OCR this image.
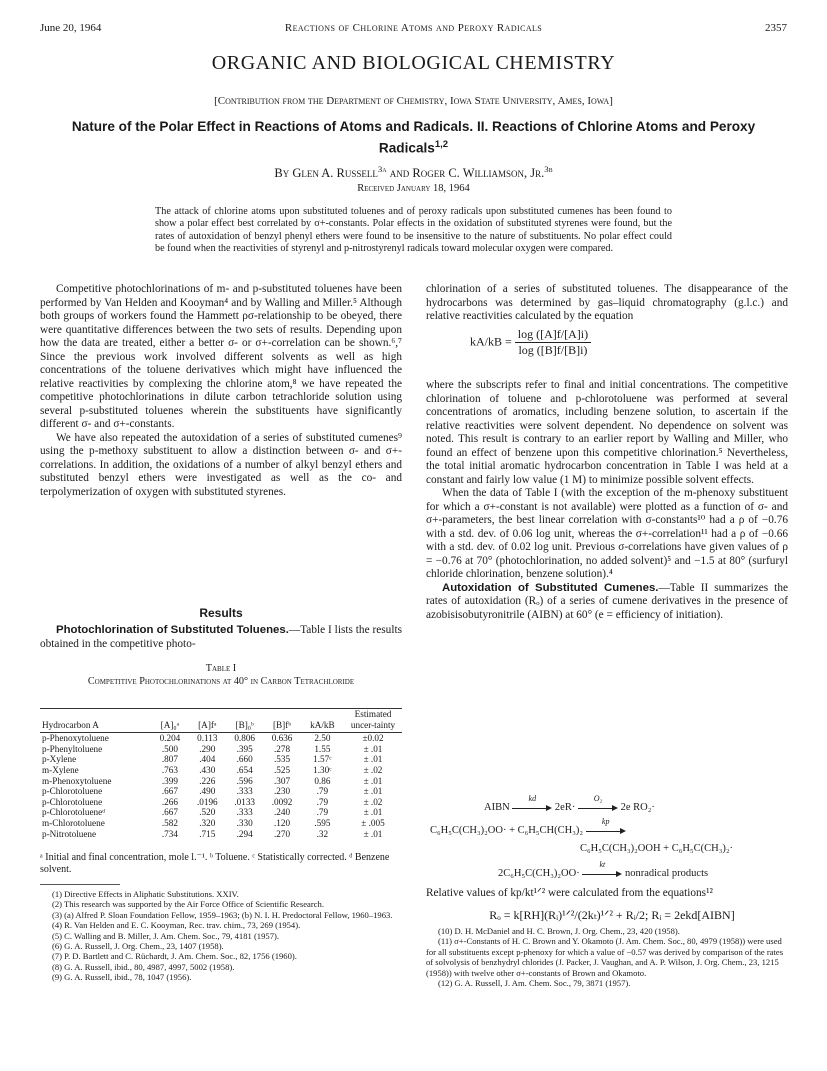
June 20, 1964	Reactions of Chlorine Atoms and Peroxy Radicals	2357
ORGANIC AND BIOLOGICAL CHEMISTRY
[Contribution from the Department of Chemistry, Iowa State University, Ames, Iowa]
Nature of the Polar Effect in Reactions of Atoms and Radicals. II. Reactions of Chlorine Atoms and Peroxy Radicals$^{1,2}$
By Glen A. Russell$^{3a}$ and Roger C. Williamson, Jr.$^{3b}$
Received January 18, 1964
The attack of chlorine atoms upon substituted toluenes and of peroxy radicals upon substituted cumenes has been found to show a polar effect best correlated by σ+-constants. Polar effects in the oxidation of substituted styrenes were found, but the rates of autoxidation of benzyl phenyl ethers were found to be insensitive to the nature of substituents. No polar effect could be found when the reactivities of styrenyl and p-nitrostyrenyl radicals toward molecular oxygen were compared.

Competitive photochlorinations of m- and p-substituted toluenes have been performed by Van Helden and Kooyman⁴ and by Walling and Miller.⁵ Although both groups of workers found the Hammett ρσ-relationship to be obeyed, there were quantitative differences between the two sets of results. Depending upon how the data are treated, either a better σ- or σ+-correlation can be shown.⁶,⁷ Since the previous work involved different solvents as well as high concentrations of the toluene derivatives which might have influenced the relative reactivities by complexing the chlorine atom,⁸ we have repeated the competitive photochlorinations in dilute carbon tetrachloride solution using several p-substituted toluenes wherein the substituents have significantly different σ- and σ+-constants.

We have also repeated the autoxidation of a series of substituted cumenes⁹ using the p-methoxy substituent to allow a distinction between σ- and σ+-correlations. In addition, the oxidations of a number of alkyl benzyl ethers and substituted benzyl ethers were investigated as well as the co- and terpolymerization of oxygen with substituted styrenes.

Results

Photochlorination of Substituted Toluenes.—Table I lists the results obtained in the competitive photo-

Table I
Competitive Photochlorinations at 40° in Carbon Tetrachloride
Hydrocarbon A	[A]₀ᵃ	[A]fᵃ	[B]₀ᵇ	[B]fᵇ	kA/kB	Estimated uncer-tainty
p-Phenoxytoluene	0.204	0.113	0.806	0.636	2.50	±0.02
p-Phenyltoluene	.500	.290	.395	.278	1.55	± .01
p-Xylene	.807	.404	.660	.535	1.57ᶜ	± .01
m-Xylene	.763	.430	.654	.525	1.30ᶜ	± .02
m-Phenoxytoluene	.399	.226	.596	.307	0.86	± .01
p-Chlorotoluene	.667	.490	.333	.230	.79	± .01
p-Chlorotoluene	.266	.0196	.0133	.0092	.79	± .02
p-Chlorotolueneᵈ	.667	.520	.333	.240	.79	± .01
m-Chlorotoluene	.582	.320	.330	.120	.595	± .005
p-Nitrotoluene	.734	.715	.294	.270	.32	± .01
ᵃ Initial and final concentration, mole l.⁻¹. ᵇ Toluene. ᶜ Statistically corrected. ᵈ Benzene solvent.
(1) Directive Effects in Aliphatic Substitutions. XXIV.
(2) This research was supported by the Air Force Office of Scientific Research.
(3) (a) Alfred P. Sloan Foundation Fellow, 1959–1963; (b) N. I. H. Predoctoral Fellow, 1960–1963.
(4) R. Van Helden and E. C. Kooyman, Rec. trav. chim., 73, 269 (1954).
(5) C. Walling and B. Miller, J. Am. Chem. Soc., 79, 4181 (1957).
(6) G. A. Russell, J. Org. Chem., 23, 1407 (1958).
(7) P. D. Bartlett and C. Rüchardt, J. Am. Chem. Soc., 82, 1756 (1960).
(8) G. A. Russell, ibid., 80, 4987, 4997, 5002 (1958).
(9) G. A. Russell, ibid., 78, 1047 (1956).
chlorination of a series of substituted toluenes. The disappearance of the hydrocarbons was determined by gas–liquid chromatography (g.l.c.) and relative reactivities calculated by the equation
$kA/kB = \frac{\log ([A]f/[A]i)}{\log ([B]f/[B]i)}$

where the subscripts refer to final and initial concentrations. The competitive chlorination of toluene and p-chlorotoluene was performed at several concentrations of aromatics, including benzene solution, to ascertain if the relative reactivities were solvent dependent. No dependence on solvent was noted. This result is contrary to an earlier report by Walling and Miller, who found an effect of benzene upon this competitive chlorination.⁵ Nevertheless, the total initial aromatic hydrocarbon concentration in Table I was held at a constant and fairly low value (1 M) to minimize possible solvent effects.

When the data of Table I (with the exception of the m-phenoxy substituent for which a σ+-constant is not available) were plotted as a function of σ- and σ+-parameters, the best linear correlation with σ-constants¹⁰ had a ρ of −0.76 with a std. dev. of 0.06 log unit, whereas the σ+-correlation¹¹ had a ρ of −0.66 with a std. dev. of 0.02 log unit. Previous σ-correlations have given values of ρ = −0.76 at 70° (photochlorination, no added solvent)⁵ and −1.5 at 80° (surfuryl chloride chlorination, benzene solution).⁴

Autoxidation of Substituted Cumenes.—Table II summarizes the rates of autoxidation (Rₒ) of a series of cumene derivatives in the presence of azobisisobutyronitrile (AIBN) at 60° (e = efficiency of initiation).

AIBN
kd
2eR·
O₂
2e RO₂·
C₆H₅C(CH₃)₂OO· + C₆H₅CH(CH₃)₂
kp
C₆H₅C(CH₃)₂OOH + C₆H₅C(CH₃)₂·
2C₆H₅C(CH₃)₂OO·
kt
nonradical products
Relative values of kp/kt¹ᐟ² were calculated from the equations¹²
Rₒ = k[RH](Rᵢ)¹ᐟ²/(2kₜ)¹ᐟ² + Rᵢ/2; Rᵢ = 2ekd[AIBN]
(10) D. H. McDaniel and H. C. Brown, J. Org. Chem., 23, 420 (1958).
(11) σ+-Constants of H. C. Brown and Y. Okamoto (J. Am. Chem. Soc., 80, 4979 (1958)) were used for all substituents except p-phenoxy for which a value of −0.57 was derived by comparison of the rates of solvolysis of benzhydryl chlorides (J. Packer, J. Vaughan, and A. P. Wilson, J. Org. Chem., 23, 1215 (1958)) with twelve other σ+-constants of Brown and Okamoto.
(12) G. A. Russell, J. Am. Chem. Soc., 79, 3871 (1957).
